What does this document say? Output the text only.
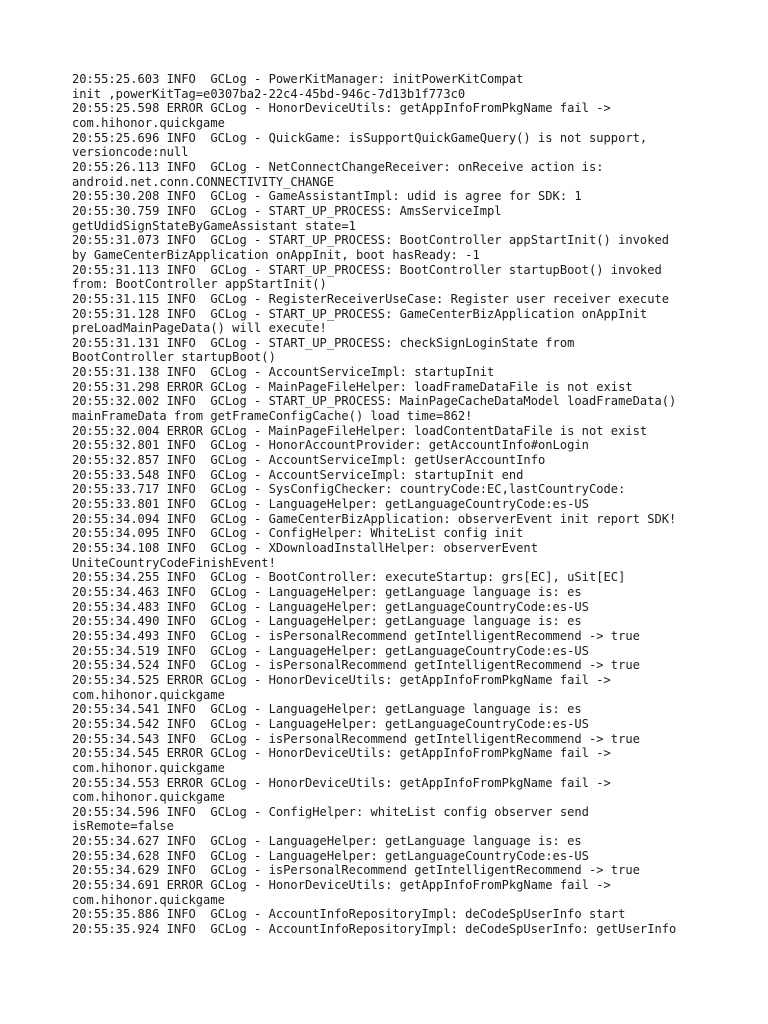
20:55:25.603 INFO  GCLog - PowerKitManager: initPowerKitCompat
init ,powerKitTag=e0307ba2-22c4-45bd-946c-7d13b1f773c0
20:55:25.598 ERROR GCLog - HonorDeviceUtils: getAppInfoFromPkgName fail ->
com.hihonor.quickgame
20:55:25.696 INFO  GCLog - QuickGame: isSupportQuickGameQuery() is not support,
versioncode:null
20:55:26.113 INFO  GCLog - NetConnectChangeReceiver: onReceive action is:
android.net.conn.CONNECTIVITY_CHANGE
20:55:30.208 INFO  GCLog - GameAssistantImpl: udid is agree for SDK: 1
20:55:30.759 INFO  GCLog - START_UP_PROCESS: AmsServiceImpl
getUdidSignStateByGameAssistant state=1
20:55:31.073 INFO  GCLog - START_UP_PROCESS: BootController appStartInit() invoked
by GameCenterBizApplication onAppInit, boot hasReady: -1
20:55:31.113 INFO  GCLog - START_UP_PROCESS: BootController startupBoot() invoked
from: BootController appStartInit()
20:55:31.115 INFO  GCLog - RegisterReceiverUseCase: Register user receiver execute
20:55:31.128 INFO  GCLog - START_UP_PROCESS: GameCenterBizApplication onAppInit
preLoadMainPageData() will execute!
20:55:31.131 INFO  GCLog - START_UP_PROCESS: checkSignLoginState from
BootController startupBoot()
20:55:31.138 INFO  GCLog - AccountServiceImpl: startupInit
20:55:31.298 ERROR GCLog - MainPageFileHelper: loadFrameDataFile is not exist
20:55:32.002 INFO  GCLog - START_UP_PROCESS: MainPageCacheDataModel loadFrameData()
mainFrameData from getFrameConfigCache() load time=862!
20:55:32.004 ERROR GCLog - MainPageFileHelper: loadContentDataFile is not exist
20:55:32.801 INFO  GCLog - HonorAccountProvider: getAccountInfo#onLogin
20:55:32.857 INFO  GCLog - AccountServiceImpl: getUserAccountInfo
20:55:33.548 INFO  GCLog - AccountServiceImpl: startupInit end
20:55:33.717 INFO  GCLog - SysConfigChecker: countryCode:EC,lastCountryCode:
20:55:33.801 INFO  GCLog - LanguageHelper: getLanguageCountryCode:es-US
20:55:34.094 INFO  GCLog - GameCenterBizApplication: observerEvent init report SDK!
20:55:34.095 INFO  GCLog - ConfigHelper: WhiteList config init
20:55:34.108 INFO  GCLog - XDownloadInstallHelper: observerEvent
UniteCountryCodeFinishEvent!
20:55:34.255 INFO  GCLog - BootController: executeStartup: grs[EC], uSit[EC]
20:55:34.463 INFO  GCLog - LanguageHelper: getLanguage language is: es
20:55:34.483 INFO  GCLog - LanguageHelper: getLanguageCountryCode:es-US
20:55:34.490 INFO  GCLog - LanguageHelper: getLanguage language is: es
20:55:34.493 INFO  GCLog - isPersonalRecommend getIntelligentRecommend -> true
20:55:34.519 INFO  GCLog - LanguageHelper: getLanguageCountryCode:es-US
20:55:34.524 INFO  GCLog - isPersonalRecommend getIntelligentRecommend -> true
20:55:34.525 ERROR GCLog - HonorDeviceUtils: getAppInfoFromPkgName fail ->
com.hihonor.quickgame
20:55:34.541 INFO  GCLog - LanguageHelper: getLanguage language is: es
20:55:34.542 INFO  GCLog - LanguageHelper: getLanguageCountryCode:es-US
20:55:34.543 INFO  GCLog - isPersonalRecommend getIntelligentRecommend -> true
20:55:34.545 ERROR GCLog - HonorDeviceUtils: getAppInfoFromPkgName fail ->
com.hihonor.quickgame
20:55:34.553 ERROR GCLog - HonorDeviceUtils: getAppInfoFromPkgName fail ->
com.hihonor.quickgame
20:55:34.596 INFO  GCLog - ConfigHelper: whiteList config observer send
isRemote=false
20:55:34.627 INFO  GCLog - LanguageHelper: getLanguage language is: es
20:55:34.628 INFO  GCLog - LanguageHelper: getLanguageCountryCode:es-US
20:55:34.629 INFO  GCLog - isPersonalRecommend getIntelligentRecommend -> true
20:55:34.691 ERROR GCLog - HonorDeviceUtils: getAppInfoFromPkgName fail ->
com.hihonor.quickgame
20:55:35.886 INFO  GCLog - AccountInfoRepositoryImpl: deCodeSpUserInfo start
20:55:35.924 INFO  GCLog - AccountInfoRepositoryImpl: deCodeSpUserInfo: getUserInfo
